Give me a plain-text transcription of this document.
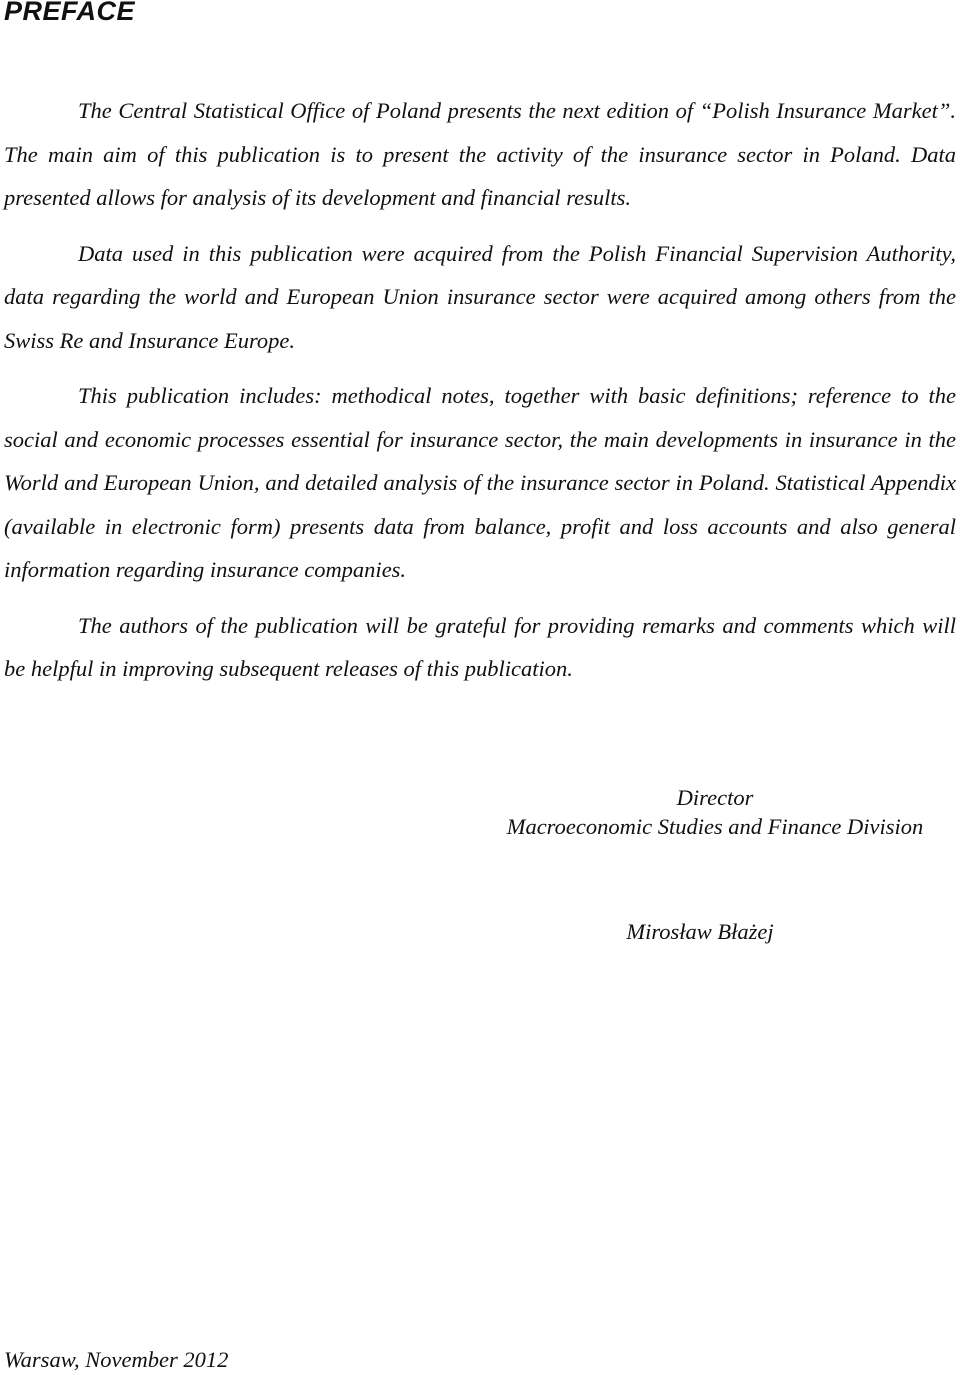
PREFACE

The Central Statistical Office of Poland presents the next edition of “Polish Insurance Market”. The main aim of this publication is to present the activity of the insurance sector in Poland. Data presented allows for analysis of its development and financial results.

Data used in this publication were acquired from the Polish Financial Supervision Authority, data regarding the world and European Union insurance sector were acquired among others from the Swiss Re and Insurance Europe.

This publication includes: methodical notes, together with basic definitions; reference to the social and economic processes essential for insurance sector, the main developments in insurance in the World and European Union, and detailed analysis of the insurance sector in Poland. Statistical Appendix (available in electronic form) presents data from balance, profit and loss accounts and also general information regarding insurance companies.

The authors of the publication will be grateful for providing remarks and comments which will be helpful in improving subsequent releases of this publication.

Director
Macroeconomic Studies and Finance Division
Mirosław Błażej
Warsaw, November 2012
